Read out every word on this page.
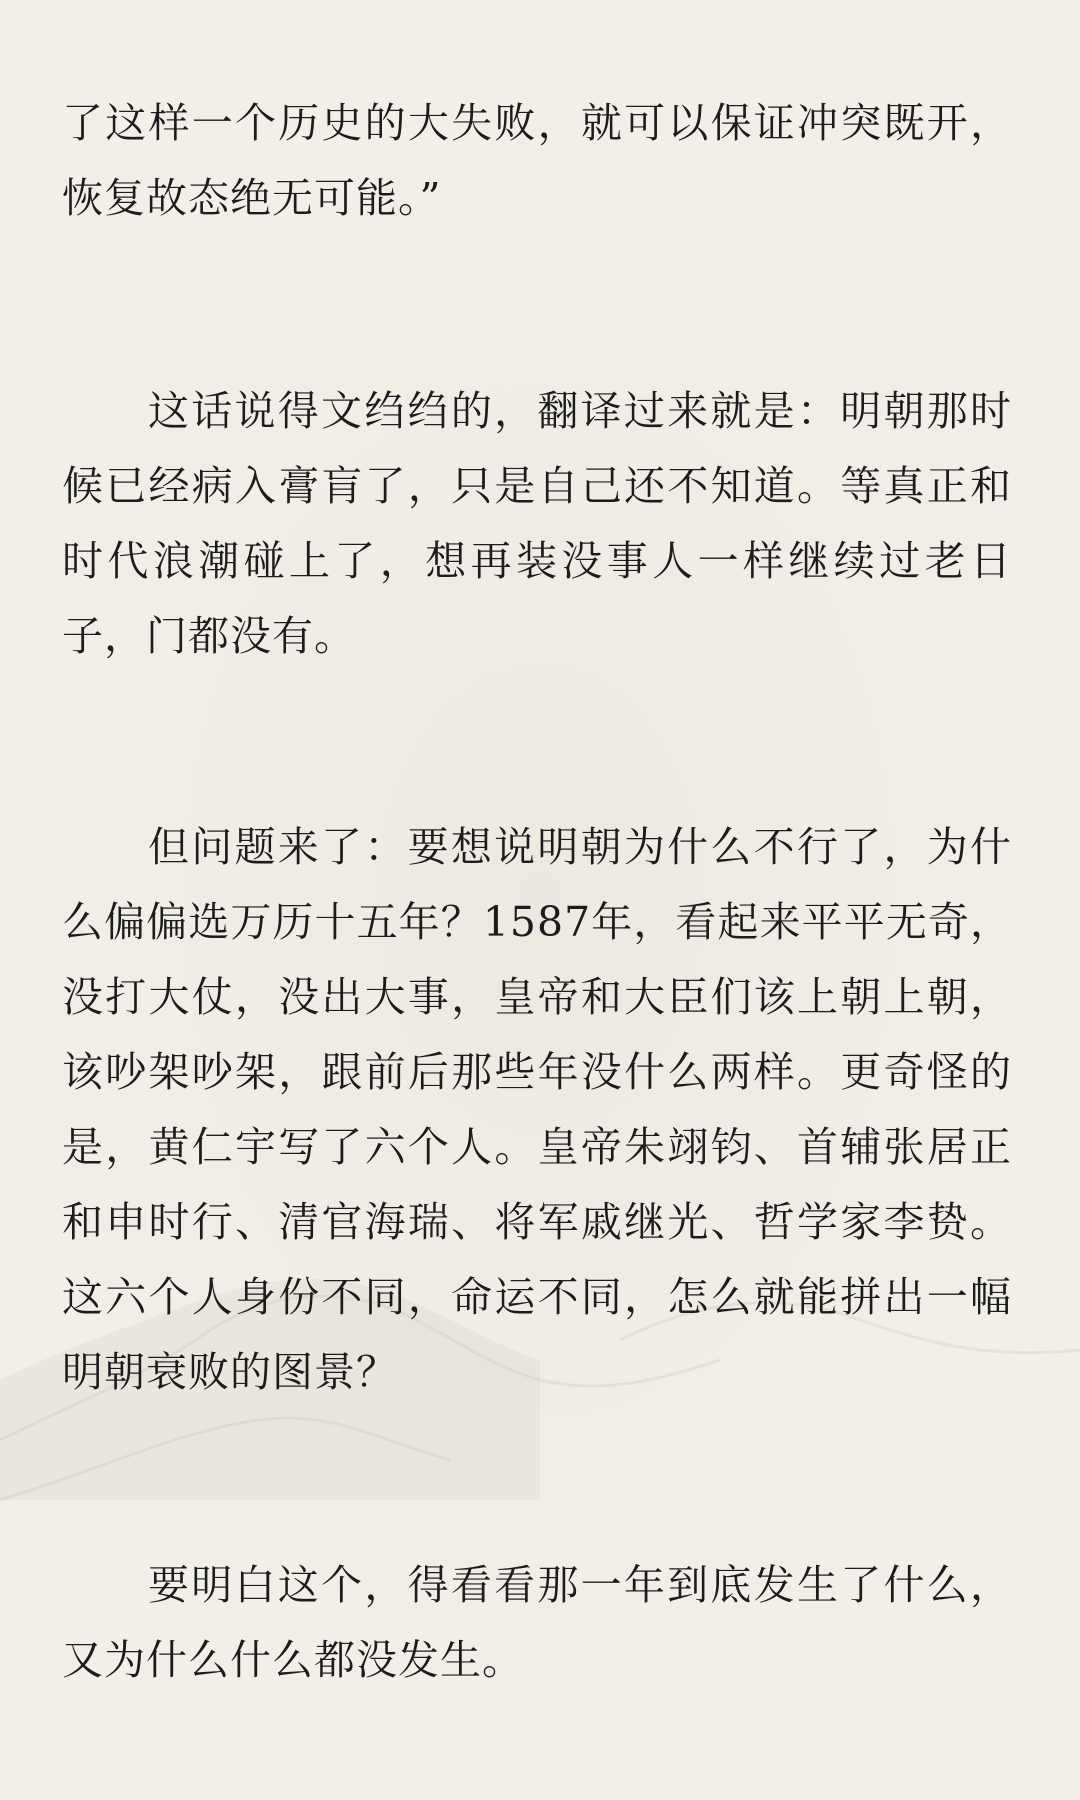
了这样一个历史的大失败，就可以保证冲突既开，恢复故态绝无可能。”

这话说得文绉绉的，翻译过来就是：明朝那时候已经病入膏肓了，只是自己还不知道。等真正和时代浪潮碰上了，想再装没事人一样继续过老日子，门都没有。

但问题来了：要想说明朝为什么不行了，为什么偏偏选万历十五年？1587年，看起来平平无奇，没打大仗，没出大事，皇帝和大臣们该上朝上朝，该吵架吵架，跟前后那些年没什么两样。更奇怪的是，黄仁宇写了六个人。皇帝朱翊钧、首辅张居正和申时行、清官海瑞、将军戚继光、哲学家李贽。这六个人身份不同，命运不同，怎么就能拼出一幅明朝衰败的图景？

要明白这个，得看看那一年到底发生了什么，又为什么什么都没发生。
